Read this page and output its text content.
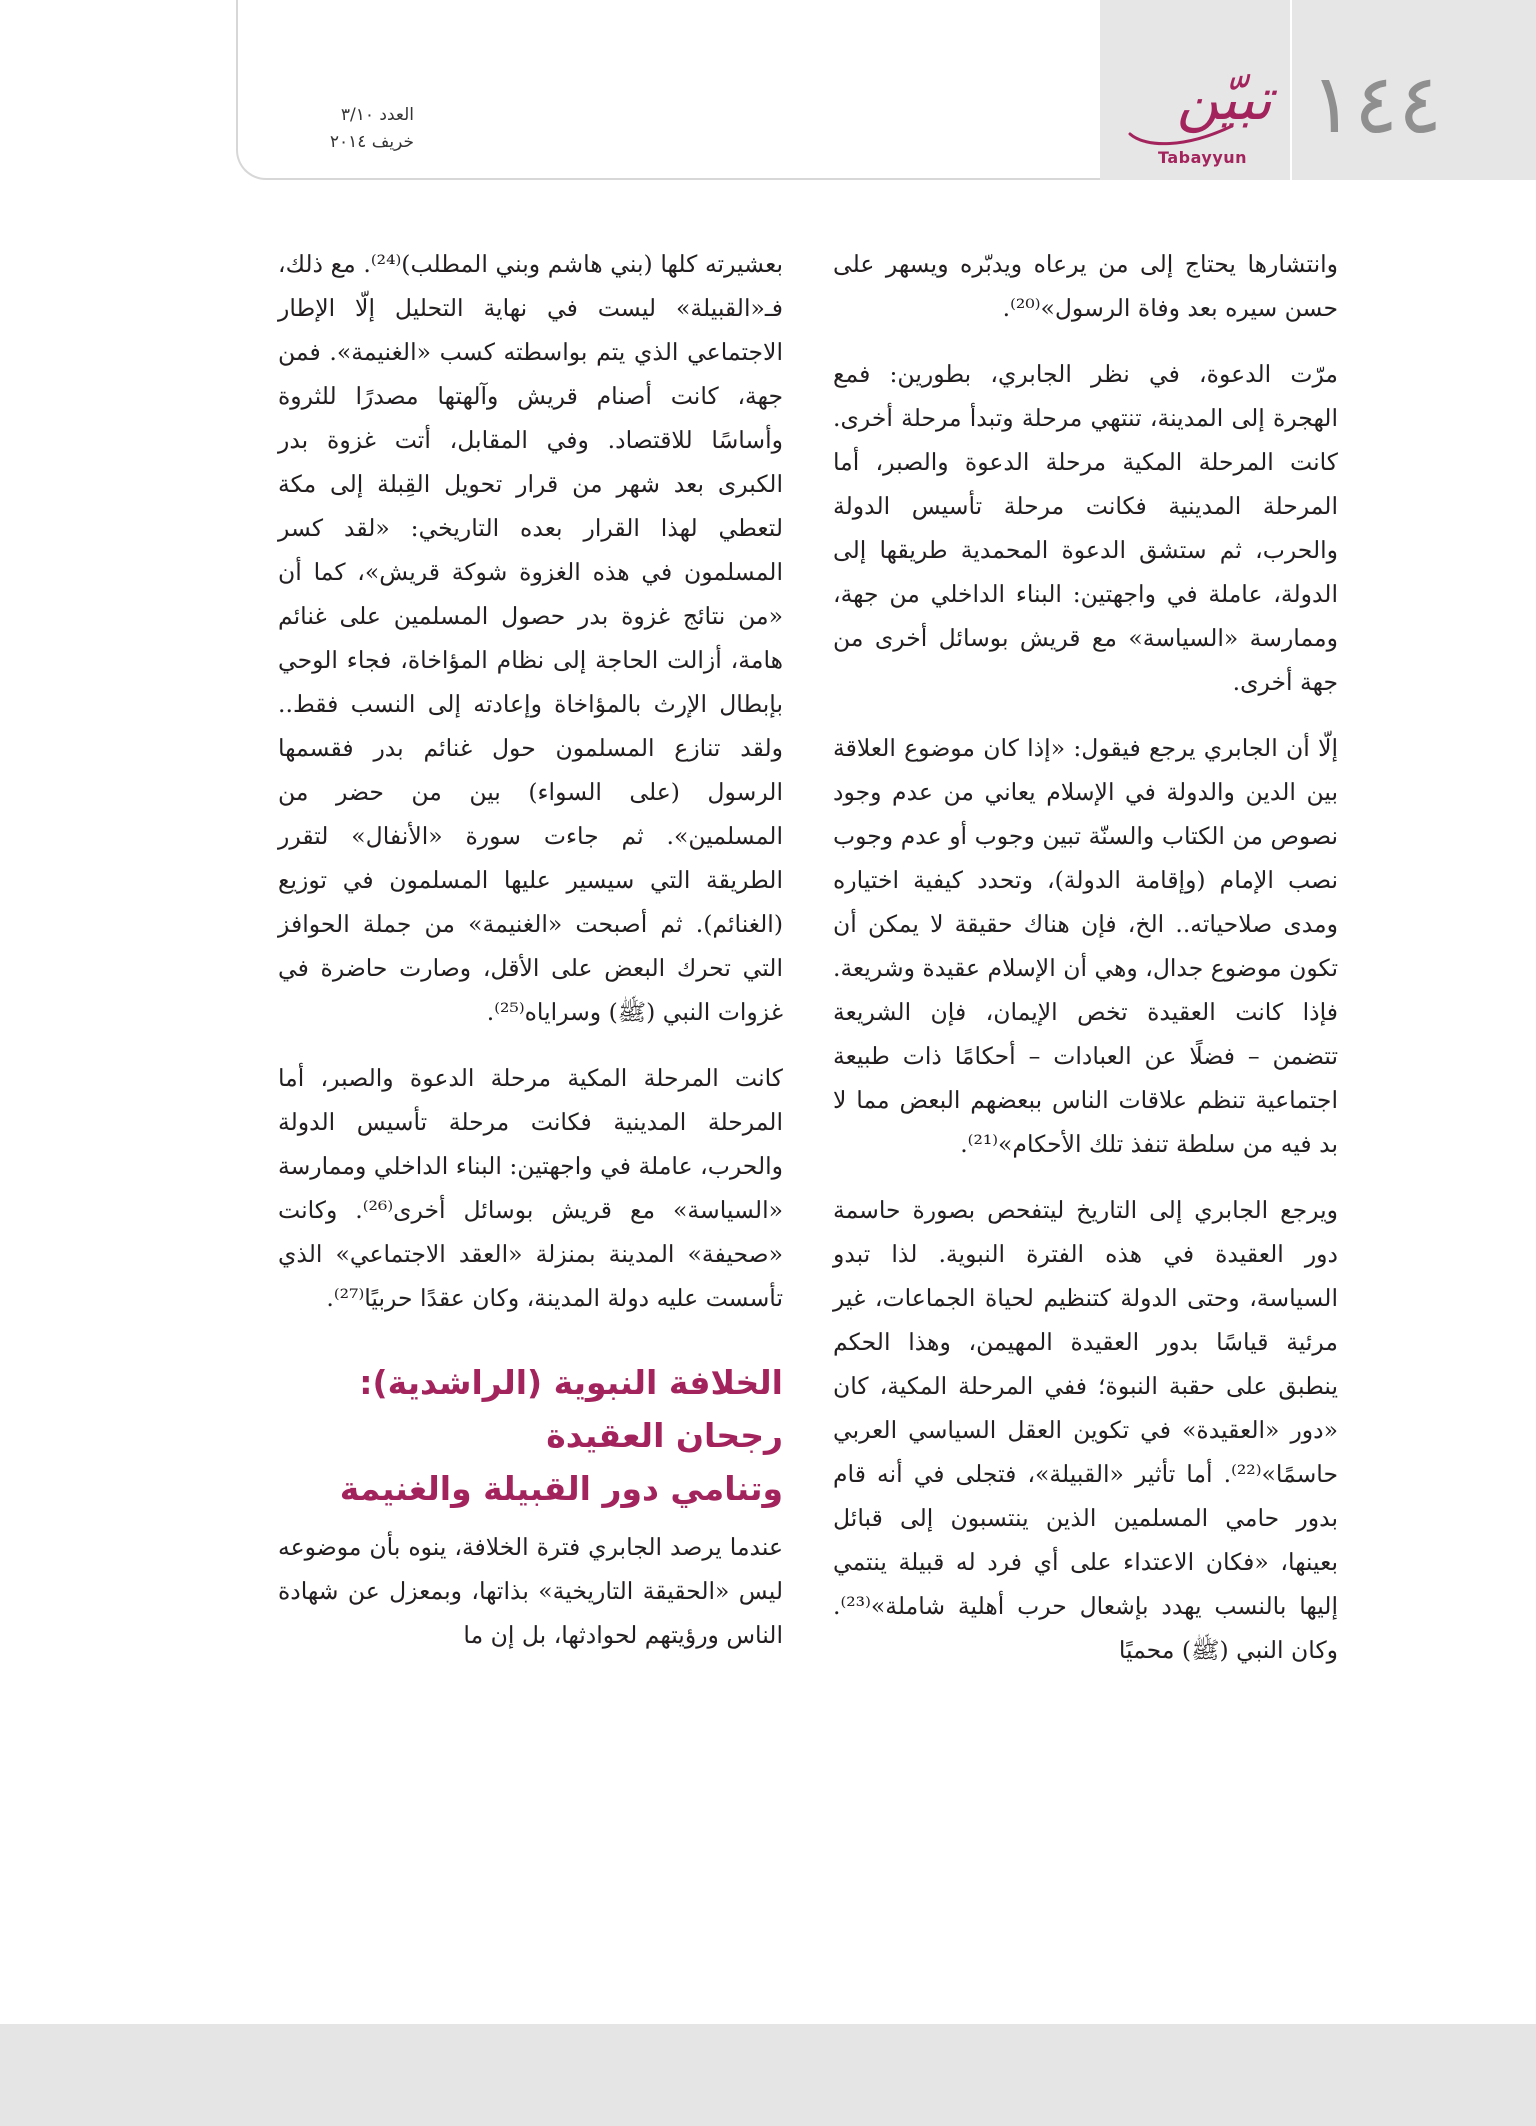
١٤٤
تبيّن
Tabayyun
العدد ٣/١٠
خريف ٢٠١٤

وانتشارها يحتاج إلى من يرعاه ويدبّره ويسهر على حسن سيره بعد وفاة الرسول»⁽²⁰⁾.

مرّت الدعوة، في نظر الجابري، بطورين: فمع الهجرة إلى المدينة، تنتهي مرحلة وتبدأ مرحلة أخرى. كانت المرحلة المكية مرحلة الدعوة والصبر، أما المرحلة المدينية فكانت مرحلة تأسيس الدولة والحرب، ثم ستشق الدعوة المحمدية طريقها إلى الدولة، عاملة في واجهتين: البناء الداخلي من جهة، وممارسة «السياسة» مع قريش بوسائل أخرى من جهة أخرى.

إلّا أن الجابري يرجع فيقول: «إذا كان موضوع العلاقة بين الدين والدولة في الإسلام يعاني من عدم وجود نصوص من الكتاب والسنّة تبين وجوب أو عدم وجوب نصب الإمام (وإقامة الدولة)، وتحدد كيفية اختياره ومدى صلاحياته.. الخ، فإن هناك حقيقة لا يمكن أن تكون موضوع جدال، وهي أن الإسلام عقيدة وشريعة. فإذا كانت العقيدة تخص الإيمان، فإن الشريعة تتضمن – فضلًا عن العبادات – أحكامًا ذات طبيعة اجتماعية تنظم علاقات الناس ببعضهم البعض مما لا بد فيه من سلطة تنفذ تلك الأحكام»⁽²¹⁾.

ويرجع الجابري إلى التاريخ ليتفحص بصورة حاسمة دور العقيدة في هذه الفترة النبوية. لذا تبدو السياسة، وحتى الدولة كتنظيم لحياة الجماعات، غير مرئية قياسًا بدور العقيدة المهيمن، وهذا الحكم ينطبق على حقبة النبوة؛ ففي المرحلة المكية، كان «دور «العقيدة» في تكوين العقل السياسي العربي حاسمًا»⁽²²⁾. أما تأثير «القبيلة»، فتجلى في أنه قام بدور حامي المسلمين الذين ينتسبون إلى قبائل بعينها، «فكان الاعتداء على أي فرد له قبيلة ينتمي إليها بالنسب يهدد بإشعال حرب أهلية شاملة»⁽²³⁾. وكان النبي (ﷺ) محميًا

بعشيرته كلها (بني هاشم وبني المطلب)⁽²⁴⁾. مع ذلك، فـ«القبيلة» ليست في نهاية التحليل إلّا الإطار الاجتماعي الذي يتم بواسطته كسب «الغنيمة». فمن جهة، كانت أصنام قريش وآلهتها مصدرًا للثروة وأساسًا للاقتصاد. وفي المقابل، أتت غزوة بدر الكبرى بعد شهر من قرار تحويل القِبلة إلى مكة لتعطي لهذا القرار بعده التاريخي: «لقد كسر المسلمون في هذه الغزوة شوكة قريش»، كما أن «من نتائج غزوة بدر حصول المسلمين على غنائم هامة، أزالت الحاجة إلى نظام المؤاخاة، فجاء الوحي بإبطال الإرث بالمؤاخاة وإعادته إلى النسب فقط.. ولقد تنازع المسلمون حول غنائم بدر فقسمها الرسول (على السواء) بين من حضر من المسلمين». ثم جاءت سورة «الأنفال» لتقرر الطريقة التي سيسير عليها المسلمون في توزيع (الغنائم). ثم أصبحت «الغنيمة» من جملة الحوافز التي تحرك البعض على الأقل، وصارت حاضرة في غزوات النبي (ﷺ) وسراياه⁽²⁵⁾.

كانت المرحلة المكية مرحلة الدعوة والصبر، أما المرحلة المدينية فكانت مرحلة تأسيس الدولة والحرب، عاملة في واجهتين: البناء الداخلي وممارسة «السياسة» مع قريش بوسائل أخرى⁽²⁶⁾. وكانت «صحيفة» المدينة بمنزلة «العقد الاجتماعي» الذي تأسست عليه دولة المدينة، وكان عقدًا حربيًا⁽²⁷⁾.

الخلافة النبوية (الراشدية):
رجحان العقيدة
وتنامي دور القبيلة والغنيمة

عندما يرصد الجابري فترة الخلافة، ينوه بأن موضوعه ليس «الحقيقة التاريخية» بذاتها، وبمعزل عن شهادة الناس ورؤيتهم لحوادثها، بل إن ما
